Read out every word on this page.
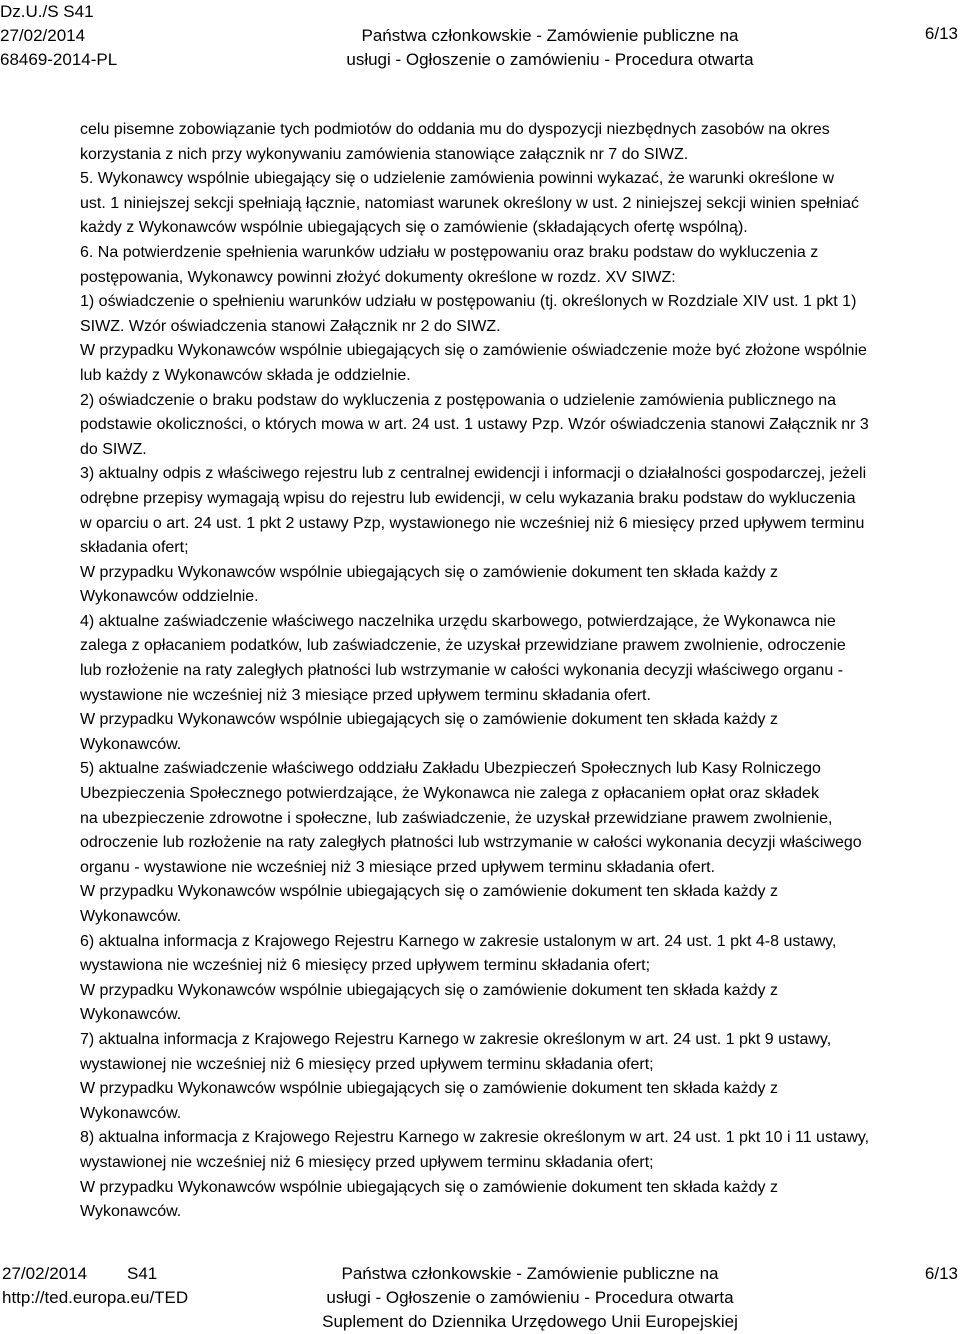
Dz.U./S S41
27/02/2014
68469-2014-PL
Państwa członkowskie - Zamówienie publiczne na
usługi - Ogłoszenie o zamówieniu - Procedura otwarta
6/13
celu pisemne zobowiązanie tych podmiotów do oddania mu do dyspozycji niezbędnych zasobów na okres
korzystania z nich przy wykonywaniu zamówienia stanowiące załącznik nr 7 do SIWZ.
5. Wykonawcy wspólnie ubiegający się o udzielenie zamówienia powinni wykazać, że warunki określone w
ust. 1 niniejszej sekcji spełniają łącznie, natomiast warunek określony w ust. 2 niniejszej sekcji winien spełniać
każdy z Wykonawców wspólnie ubiegających się o zamówienie (składających ofertę wspólną).
6. Na potwierdzenie spełnienia warunków udziału w postępowaniu oraz braku podstaw do wykluczenia z
postępowania, Wykonawcy powinni złożyć dokumenty określone w rozdz. XV SIWZ:
1) oświadczenie o spełnieniu warunków udziału w postępowaniu (tj. określonych w Rozdziale XIV ust. 1 pkt 1)
SIWZ. Wzór oświadczenia stanowi Załącznik nr 2 do SIWZ.
W przypadku Wykonawców wspólnie ubiegających się o zamówienie oświadczenie może być złożone wspólnie
lub każdy z Wykonawców składa je oddzielnie.
2) oświadczenie o braku podstaw do wykluczenia z postępowania o udzielenie zamówienia publicznego na
podstawie okoliczności, o których mowa w art. 24 ust. 1 ustawy Pzp. Wzór oświadczenia stanowi Załącznik nr 3
do SIWZ.
3) aktualny odpis z właściwego rejestru lub z centralnej ewidencji i informacji o działalności gospodarczej, jeżeli
odrębne przepisy wymagają wpisu do rejestru lub ewidencji, w celu wykazania braku podstaw do wykluczenia
w oparciu o art. 24 ust. 1 pkt 2 ustawy Pzp, wystawionego nie wcześniej niż 6 miesięcy przed upływem terminu
składania ofert;
W przypadku Wykonawców wspólnie ubiegających się o zamówienie dokument ten składa każdy z
Wykonawców oddzielnie.
4) aktualne zaświadczenie właściwego naczelnika urzędu skarbowego, potwierdzające, że Wykonawca nie
zalega z opłacaniem podatków, lub zaświadczenie, że uzyskał przewidziane prawem zwolnienie, odroczenie
lub rozłożenie na raty zaległych płatności lub wstrzymanie w całości wykonania decyzji właściwego organu -
wystawione nie wcześniej niż 3 miesiące przed upływem terminu składania ofert.
W przypadku Wykonawców wspólnie ubiegających się o zamówienie dokument ten składa każdy z
Wykonawców.
5) aktualne zaświadczenie właściwego oddziału Zakładu Ubezpieczeń Społecznych lub Kasy Rolniczego
Ubezpieczenia Społecznego potwierdzające, że Wykonawca nie zalega z opłacaniem opłat oraz składek
na ubezpieczenie zdrowotne i społeczne, lub zaświadczenie, że uzyskał przewidziane prawem zwolnienie,
odroczenie lub rozłożenie na raty zaległych płatności lub wstrzymanie w całości wykonania decyzji właściwego
organu - wystawione nie wcześniej niż 3 miesiące przed upływem terminu składania ofert.
W przypadku Wykonawców wspólnie ubiegających się o zamówienie dokument ten składa każdy z
Wykonawców.
6) aktualna informacja z Krajowego Rejestru Karnego w zakresie ustalonym w art. 24 ust. 1 pkt 4-8 ustawy,
wystawiona nie wcześniej niż 6 miesięcy przed upływem terminu składania ofert;
W przypadku Wykonawców wspólnie ubiegających się o zamówienie dokument ten składa każdy z
Wykonawców.
7) aktualna informacja z Krajowego Rejestru Karnego w zakresie określonym w art. 24 ust. 1 pkt 9 ustawy,
wystawionej nie wcześniej niż 6 miesięcy przed upływem terminu składania ofert;
W przypadku Wykonawców wspólnie ubiegających się o zamówienie dokument ten składa każdy z
Wykonawców.
8) aktualna informacja z Krajowego Rejestru Karnego w zakresie określonym w art. 24 ust. 1 pkt 10 i 11 ustawy,
wystawionej nie wcześniej niż 6 miesięcy przed upływem terminu składania ofert;
W przypadku Wykonawców wspólnie ubiegających się o zamówienie dokument ten składa każdy z
Wykonawców.
27/02/2014 S41
http://ted.europa.eu/TED
Państwa członkowskie - Zamówienie publiczne na
usługi - Ogłoszenie o zamówieniu - Procedura otwarta
Suplement do Dziennika Urzędowego Unii Europejskiej
6/13
